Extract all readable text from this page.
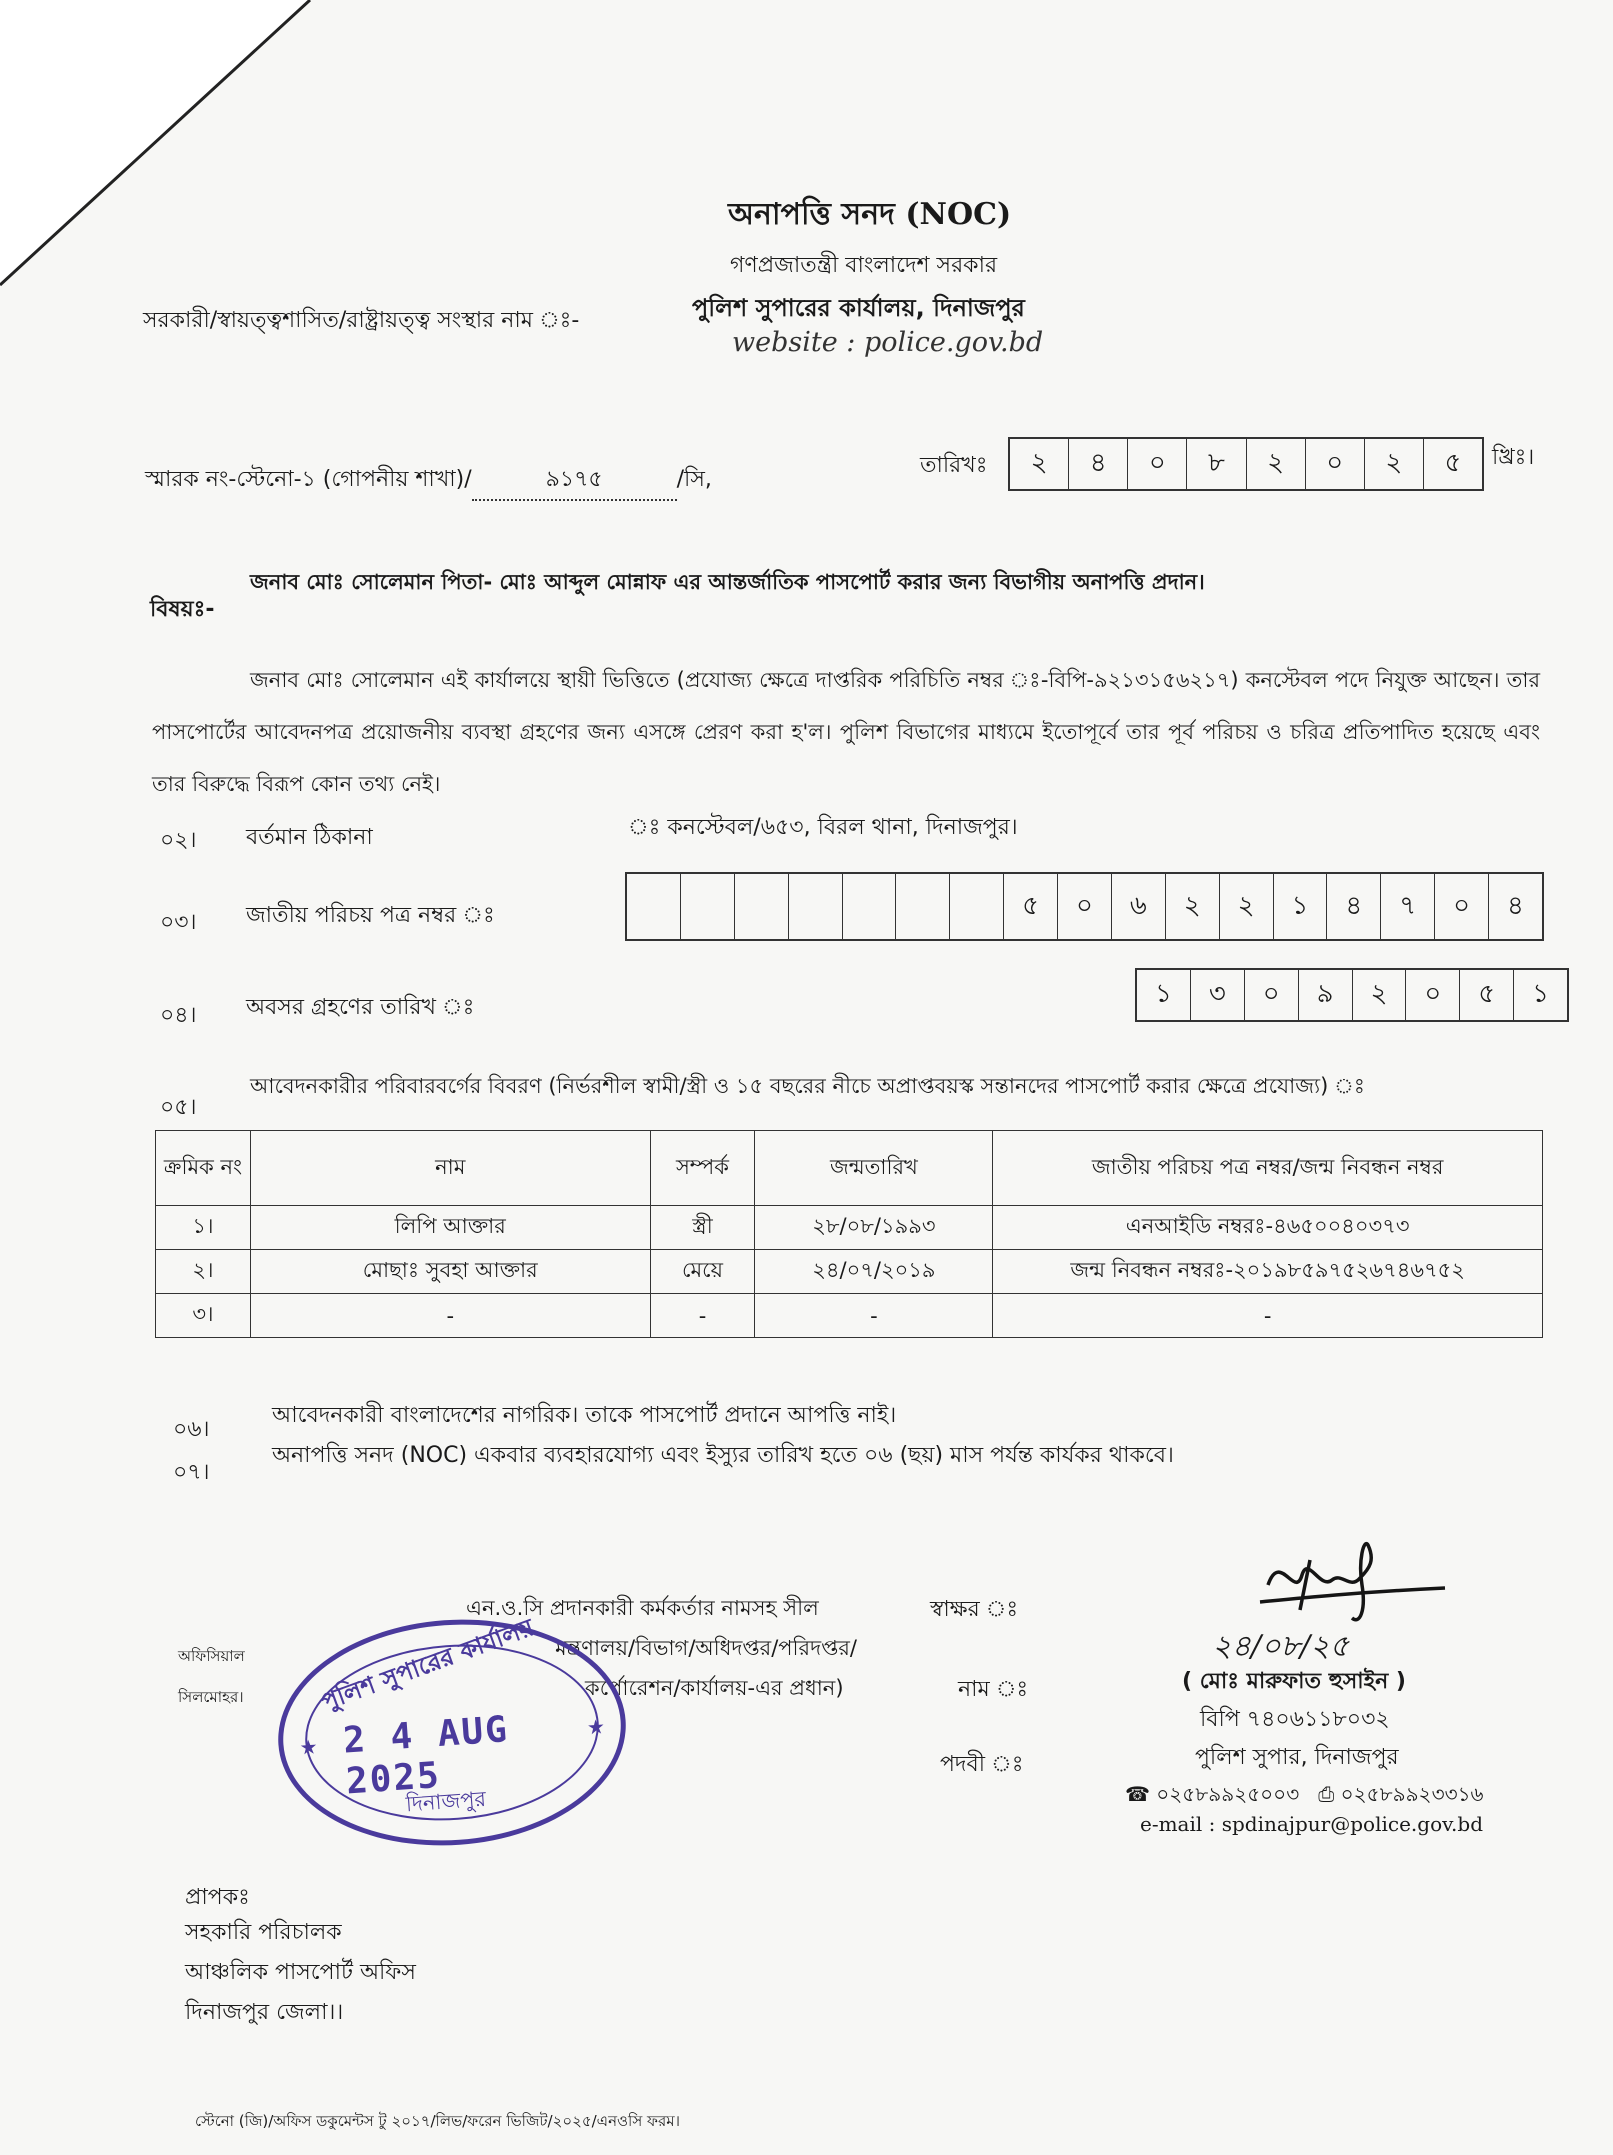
অনাপত্তি সনদ (NOC)
গণপ্রজাতন্ত্রী বাংলাদেশ সরকার
সরকারী/স্বায়ত্ত্বশাসিত/রাষ্ট্রায়ত্ত্ব সংস্থার নাম ঃ-	পুলিশ সুপারের কার্যালয়, দিনাজপুর
website : police.gov.bd
স্মারক নং-স্টেনো-১ (গোপনীয় শাখা)/	৯১৭৫	/সি,
তারিখঃ	২	৪	০	৮	২	০	২	৫	খ্রিঃ।
বিষয়ঃ-
জনাব মোঃ সোলেমান পিতা- মোঃ আব্দুল মোন্নাফ এর আন্তর্জাতিক পাসপোর্ট করার জন্য বিভাগীয় অনাপত্তি প্রদান।
জনাব মোঃ সোলেমান এই কার্যালয়ে স্থায়ী ভিত্তিতে (প্রযোজ্য ক্ষেত্রে দাপ্তরিক পরিচিতি নম্বর ঃ-বিপি-৯২১৩১৫৬২১৭) কনস্টেবল পদে নিযুক্ত আছেন। তার পাসপোর্টের আবেদনপত্র প্রয়োজনীয় ব্যবস্থা গ্রহণের জন্য এসঙ্গে প্রেরণ করা হ'ল। পুলিশ বিভাগের মাধ্যমে ইতোপূর্বে তার পূর্ব পরিচয় ও চরিত্র প্রতিপাদিত হয়েছে এবং তার বিরুদ্ধে বিরূপ কোন তথ্য নেই।
০২। বর্তমান ঠিকানা	ঃ কনস্টেবল/৬৫৩, বিরল থানা, দিনাজপুর।
০৩। জাতীয় পরিচয় পত্র নম্বর ঃ	৫	০	৬	২	২	১	৪	৭	০	৪
০৪। অবসর গ্রহণের তারিখ ঃ	১	৩	০	৯	২	০	৫	১
০৫।
আবেদনকারীর পরিবারবর্গের বিবরণ (নির্ভরশীল স্বামী/স্ত্রী ও ১৫ বছরের নীচে অপ্রাপ্তবয়স্ক সন্তানদের পাসপোর্ট করার ক্ষেত্রে প্রযোজ্য) ঃ
ক্রমিক নং	নাম	সম্পর্ক	জন্মতারিখ	জাতীয় পরিচয় পত্র নম্বর/জন্ম নিবন্ধন নম্বর
১।	লিপি আক্তার	স্ত্রী	২৮/০৮/১৯৯৩	এনআইডি নম্বরঃ-৪৬৫০০৪০৩৭৩
২।	মোছাঃ সুবহা আক্তার	মেয়ে	২৪/০৭/২০১৯	জন্ম নিবন্ধন নম্বরঃ-২০১৯৮৫৯৭৫২৬৭৪৬৭৫২
৩।	-	-	-	-
০৬।
আবেদনকারী বাংলাদেশের নাগরিক। তাকে পাসপোর্ট প্রদানে আপত্তি নাই।
০৭।
অনাপত্তি সনদ (NOC) একবার ব্যবহারযোগ্য এবং ইস্যুর তারিখ হতে ০৬ (ছয়) মাস পর্যন্ত কার্যকর থাকবে।
এন.ও.সি প্রদানকারী কর্মকর্তার নামসহ সীল
মন্ত্রণালয়/বিভাগ/অধিদপ্তর/পরিদপ্তর/
কর্পোরেশন/কার্যালয়-এর প্রধান)
স্বাক্ষর ঃ
নাম ঃ
পদবী ঃ
অফিসিয়াল
সিলমোহর।
২৪/০৮/২৫
( মোঃ মারুফাত হুসাইন )
বিপি ৭৪০৬১১৮০৩২
পুলিশ সুপার, দিনাজপুর
☎ ০২৫৮৯৯২৫০০৩ ⎙ ০২৫৮৯৯২৩৩১৬
e-mail : spdinajpur@police.gov.bd
পুলিশ সুপারের কার্যালয়
★ 2 4 AUG 2025
★
দিনাজপুর
প্রাপকঃ
সহকারি পরিচালক
আঞ্চলিক পাসপোর্ট অফিস
দিনাজপুর জেলা।।
স্টেনো (জি)/অফিস ডকুমেন্টস টু ২০১৭/লিভ/ফরেন ভিজিট/২০২৫/এনওসি ফরম।
